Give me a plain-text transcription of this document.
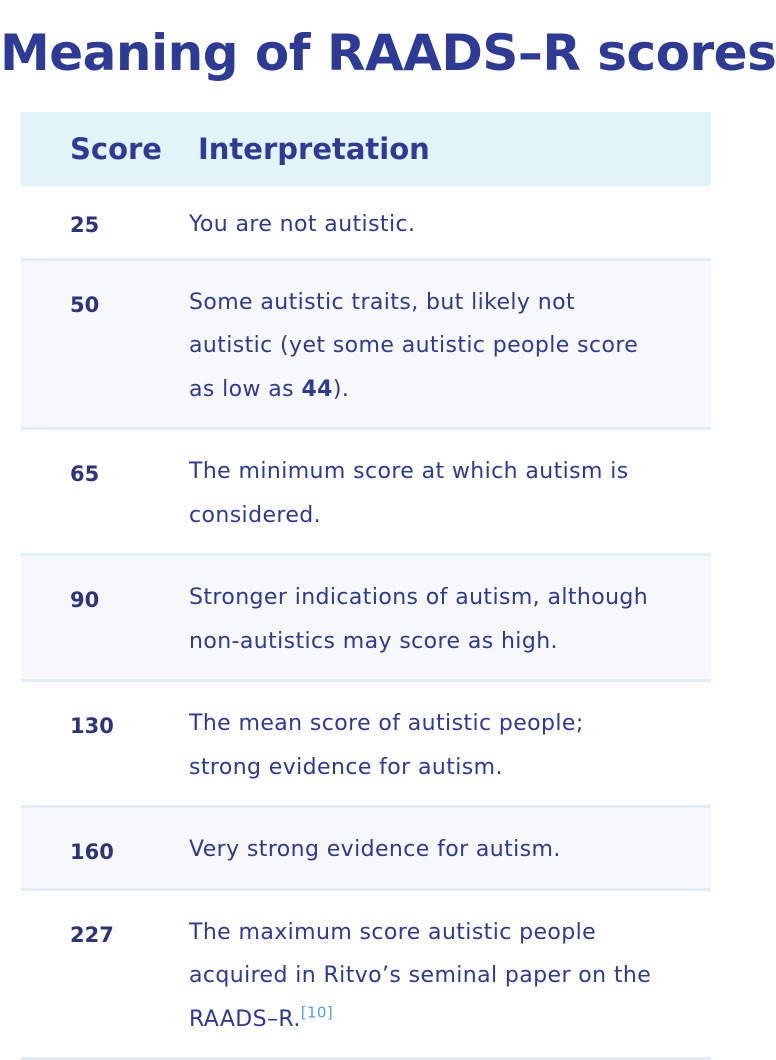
Meaning of RAADS–R scores
Score	Interpretation
25	You are not autistic.
50	Some autistic traits, but likely not autistic (yet some autistic people score as low as 44).
65	The minimum score at which autism is considered.
90	Stronger indications of autism, although non-autistics may score as high.
130	The mean score of autistic people; strong evidence for autism.
160	Very strong evidence for autism.
227	The maximum score autistic people acquired in Ritvo’s seminal paper on the RAADS–R.[10]
